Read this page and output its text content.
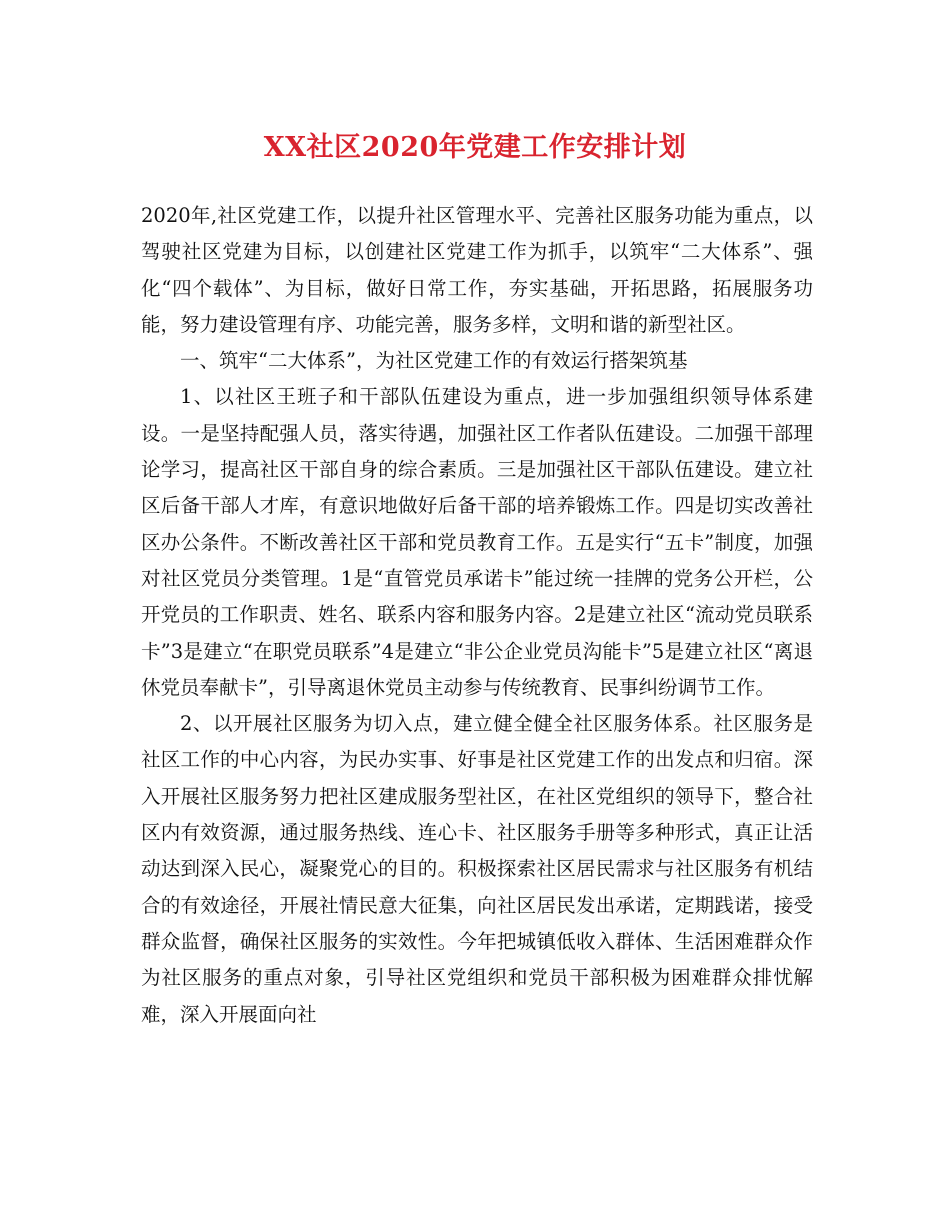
XX社区2020年党建工作安排计划

2020年,社区党建工作，以提升社区管理水平、完善社区服务功能为重点，以驾驶社区党建为目标，以创建社区党建工作为抓手，以筑牢“二大体系”、强化“四个载体”、为目标，做好日常工作，夯实基础，开拓思路，拓展服务功能，努力建设管理有序、功能完善，服务多样，文明和谐的新型社区。

一、筑牢“二大体系”，为社区党建工作的有效运行搭架筑基

1、以社区王班子和干部队伍建设为重点，进一步加强组织领导体系建设。一是坚持配强人员，落实待遇，加强社区工作者队伍建设。二加强干部理论学习，提高社区干部自身的综合素质。三是加强社区干部队伍建设。建立社区后备干部人才库，有意识地做好后备干部的培养锻炼工作。四是切实改善社区办公条件。不断改善社区干部和党员教育工作。五是实行“五卡”制度，加强对社区党员分类管理。1是“直管党员承诺卡”能过统一挂牌的党务公开栏，公开党员的工作职责、姓名、联系内容和服务内容。2是建立社区“流动党员联系卡”3是建立“在职党员联系”4是建立“非公企业党员沟能卡”5是建立社区“离退休党员奉献卡”，引导离退休党员主动参与传统教育、民事纠纷调节工作。

2、以开展社区服务为切入点，建立健全健全社区服务体系。社区服务是社区工作的中心内容，为民办实事、好事是社区党建工作的出发点和归宿。深入开展社区服务努力把社区建成服务型社区，在社区党组织的领导下，整合社区内有效资源，通过服务热线、连心卡、社区服务手册等多种形式，真正让活动达到深入民心，凝聚党心的目的。积极探索社区居民需求与社区服务有机结合的有效途径，开展社情民意大征集，向社区居民发出承诺，定期践诺，接受群众监督，确保社区服务的实效性。今年把城镇低收入群体、生活困难群众作为社区服务的重点对象，引导社区党组织和党员干部积极为困难群众排忧解难，深入开展面向社
